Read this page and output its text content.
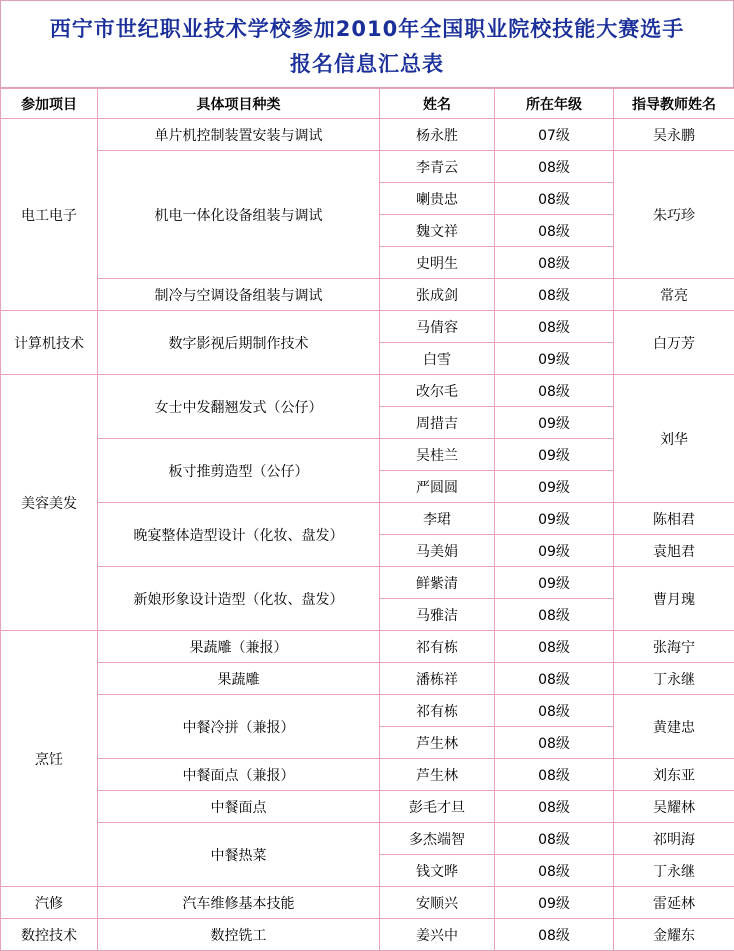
西宁市世纪职业技术学校参加2010年全国职业院校技能大赛选手
报名信息汇总表
参加项目	具体项目种类	姓名	所在年级	指导教师姓名
电工电子	单片机控制装置安装与调试	杨永胜	07级	吴永鹏
	机电一体化设备组装与调试	李青云	08级	朱巧珍
		喇贵忠	08级	
		魏文祥	08级	
		史明生	08级	
	制冷与空调设备组装与调试	张成剑	08级	常亮
计算机技术	数字影视后期制作技术	马倩容	08级	白万芳
		白雪	09级	
美容美发	女士中发翻翘发式（公仔）	改尔毛	08级	刘华
		周措吉	09级	
	板寸推剪造型（公仔）	吴桂兰	09级	
		严圆圆	09级	
	晚宴整体造型设计（化妆、盘发）	李珺	09级	陈相君
		马美娟	09级	袁旭君
	新娘形象设计造型（化妆、盘发）	鲜紫清	09级	曹月瑰
		马雅洁	08级	
烹饪	果蔬雕（兼报）	祁有栋	08级	张海宁
	果蔬雕	潘栋祥	08级	丁永继
	中餐冷拼（兼报）	祁有栋	08级	黄建忠
		芦生林	08级	
	中餐面点（兼报）	芦生林	08级	刘东亚
	中餐面点	彭毛才旦	08级	吴耀林
	中餐热菜	多杰端智	08级	祁明海
		钱文晔	08级	丁永继
汽修	汽车维修基本技能	安顺兴	09级	雷延林
数控技术	数控铣工	姜兴中	08级	金耀东
